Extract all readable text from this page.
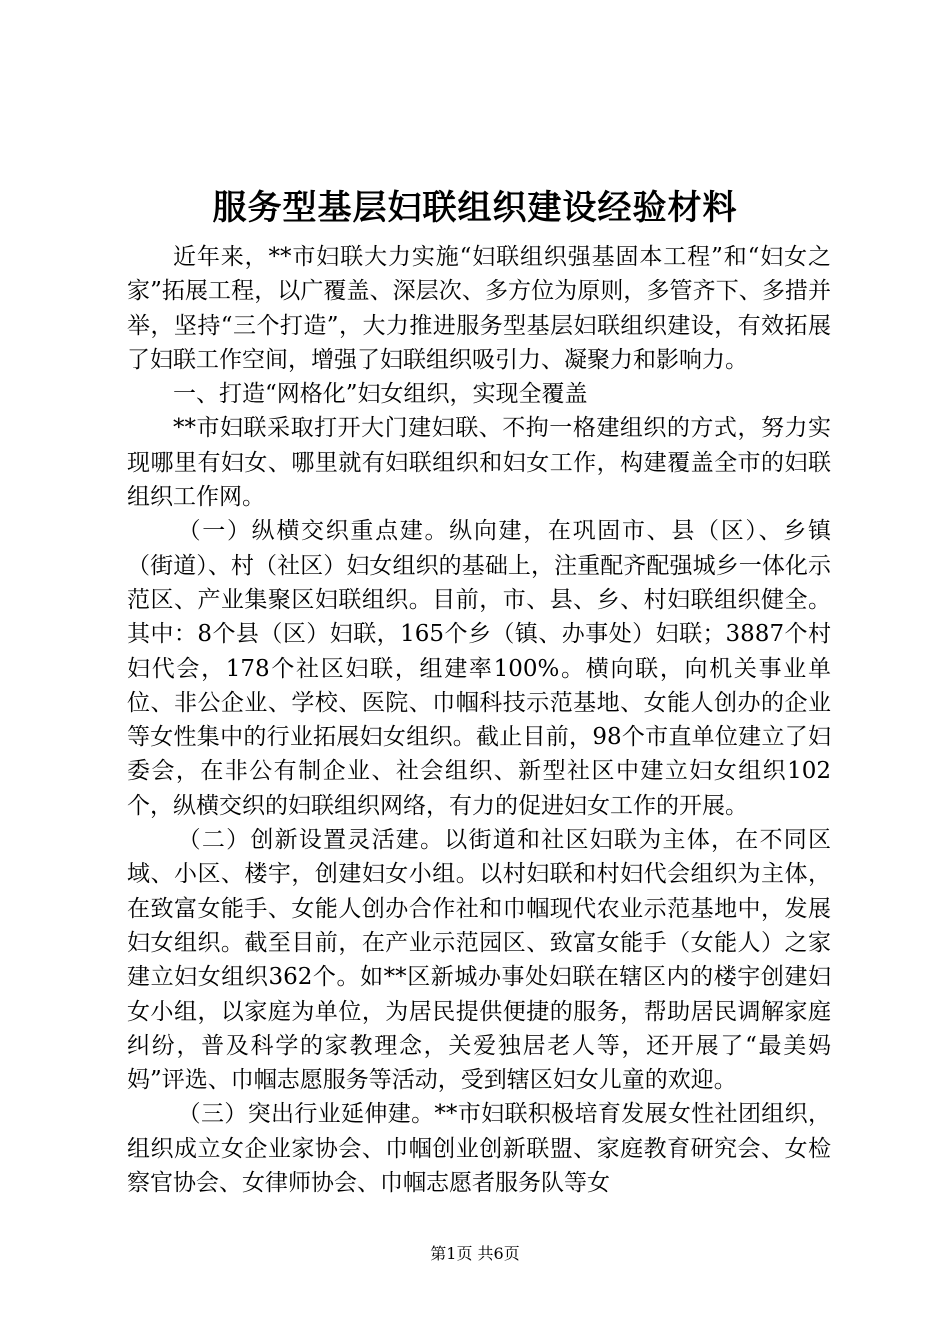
服务型基层妇联组织建设经验材料

近年来，**市妇联大力实施“妇联组织强基固本工程”和“妇女之家”拓展工程，以广覆盖、深层次、多方位为原则，多管齐下、多措并举，坚持“三个打造”，大力推进服务型基层妇联组织建设，有效拓展了妇联工作空间，增强了妇联组织吸引力、凝聚力和影响力。

一、打造“网格化”妇女组织，实现全覆盖

**市妇联采取打开大门建妇联、不拘一格建组织的方式，努力实现哪里有妇女、哪里就有妇联组织和妇女工作，构建覆盖全市的妇联组织工作网。

（一）纵横交织重点建。纵向建，在巩固市、县（区）、乡镇（街道）、村（社区）妇女组织的基础上，注重配齐配强城乡一体化示范区、产业集聚区妇联组织。目前，市、县、乡、村妇联组织健全。其中：8个县（区）妇联，165个乡（镇、办事处）妇联；3887个村妇代会，178个社区妇联，组建率100%。横向联，向机关事业单位、非公企业、学校、医院、巾帼科技示范基地、女能人创办的企业等女性集中的行业拓展妇女组织。截止目前，98个市直单位建立了妇委会，在非公有制企业、社会组织、新型社区中建立妇女组织102个，纵横交织的妇联组织网络，有力的促进妇女工作的开展。

（二）创新设置灵活建。以街道和社区妇联为主体，在不同区域、小区、楼宇，创建妇女小组。以村妇联和村妇代会组织为主体，在致富女能手、女能人创办合作社和巾帼现代农业示范基地中，发展妇女组织。截至目前，在产业示范园区、致富女能手（女能人）之家建立妇女组织362个。如**区新城办事处妇联在辖区内的楼宇创建妇女小组，以家庭为单位，为居民提供便捷的服务，帮助居民调解家庭纠纷，普及科学的家教理念，关爱独居老人等，还开展了“最美妈妈”评选、巾帼志愿服务等活动，受到辖区妇女儿童的欢迎。

（三）突出行业延伸建。**市妇联积极培育发展女性社团组织，组织成立女企业家协会、巾帼创业创新联盟、家庭教育研究会、女检察官协会、女律师协会、巾帼志愿者服务队等女

第1页 共6页
